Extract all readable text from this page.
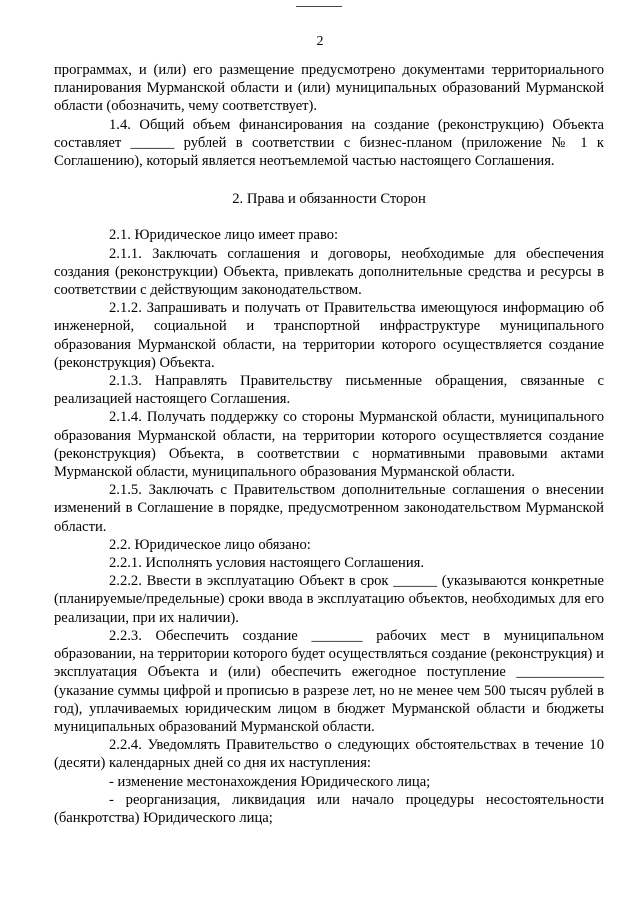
2

программах, и (или) его размещение предусмотрено документами территориального планирования Мурманской области и (или) муниципальных образований Мурманской области (обозначить, чему соответствует).

1.4. Общий объем финансирования на создание (реконструкцию) Объекта составляет ______ рублей в соответствии с бизнес-планом (приложение № 1 к Соглашению), который является неотъемлемой частью настоящего Соглашения.

2. Права и обязанности Сторон

2.1. Юридическое лицо имеет право:

2.1.1. Заключать соглашения и договоры, необходимые для обеспечения создания (реконструкции) Объекта, привлекать дополнительные средства и ресурсы в соответствии с действующим законодательством.

2.1.2. Запрашивать и получать от Правительства имеющуюся информацию об инженерной, социальной и транспортной инфраструктуре муниципального образования Мурманской области, на территории которого осуществляется создание (реконструкция) Объекта.

2.1.3. Направлять Правительству письменные обращения, связанные с реализацией настоящего Соглашения.

2.1.4. Получать поддержку со стороны Мурманской области, муниципального образования Мурманской области, на территории которого осуществляется создание (реконструкция) Объекта, в соответствии с нормативными правовыми актами Мурманской области, муниципального образования Мурманской области.

2.1.5. Заключать с Правительством дополнительные соглашения о внесении изменений в Соглашение в порядке, предусмотренном законодательством Мурманской области.

2.2. Юридическое лицо обязано:

2.2.1. Исполнять условия настоящего Соглашения.

2.2.2. Ввести в эксплуатацию Объект в срок ______ (указываются конкретные (планируемые/предельные) сроки ввода в эксплуатацию объектов, необходимых для его реализации, при их наличии).

2.2.3. Обеспечить создание _______ рабочих мест в муниципальном образовании, на территории которого будет осуществляться создание (реконструкция) и эксплуатация Объекта и (или) обеспечить ежегодное поступление ____________ (указание суммы цифрой и прописью в разрезе лет, но не менее чем 500 тысяч рублей в год), уплачиваемых юридическим лицом в бюджет Мурманской области и бюджеты муниципальных образований Мурманской области.

2.2.4. Уведомлять Правительство о следующих обстоятельствах в течение 10 (десяти) календарных дней со дня их наступления:

- изменение местонахождения Юридического лица;

- реорганизация, ликвидация или начало процедуры несостоятельности (банкротства) Юридического лица;
